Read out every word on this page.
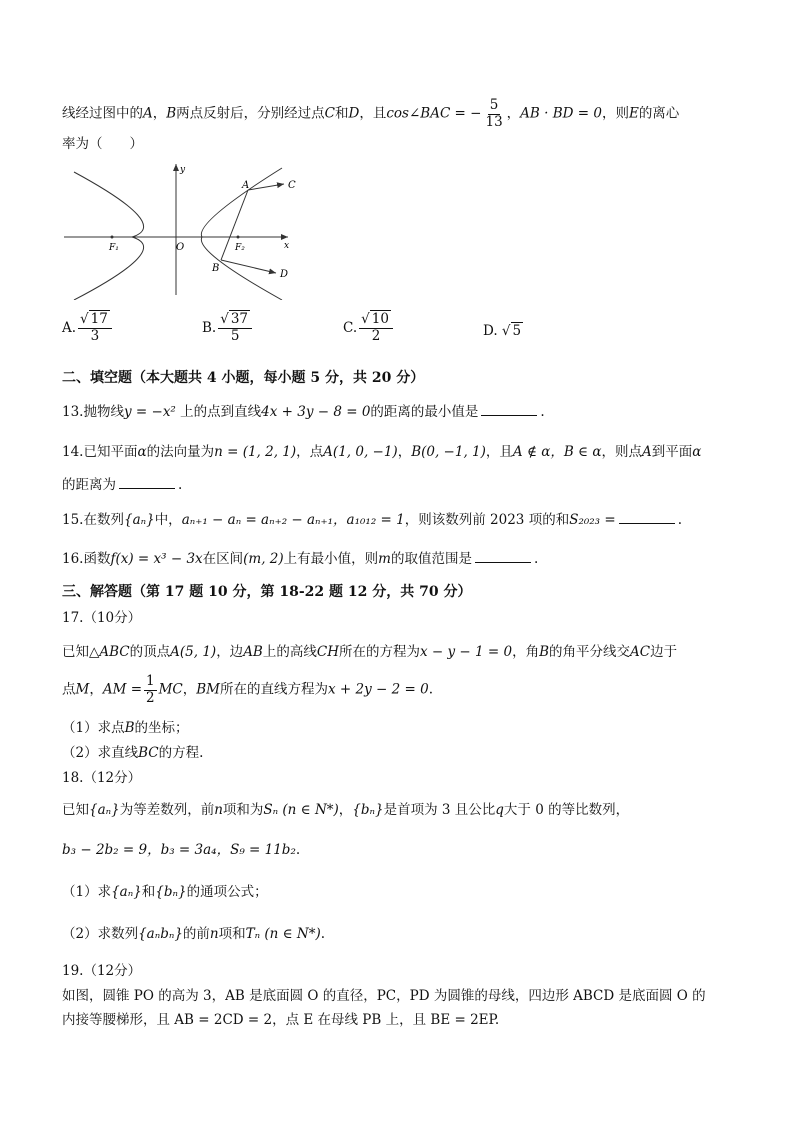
线经过图中的A，B两点反射后，分别经过点C和D，且cos∠BAC = − $\frac{5}{13}$ ，AB · BD = 0，则E的离心
率为（　　）
y
x
O
F₁	F₂
A
B
C
D
A. $\frac{√ 17}{3}$	B. $\frac{√ 37}{5}$	C. $\frac{√ 10}{2}$	D. √ 5
二、填空题（本大题共 4 小题，每小题 5 分，共 20 分）
13.抛物线y = −x² 上的点到直线4x + 3y − 8 = 0的距离的最小值是	.
14.已知平面α的法向量为n = (1, 2, 1)，点A(1, 0, −1)，B(0, −1, 1)，且A ∉ α，B ∈ α，则点A到平面α
的距离为	.
15.在数列{aₙ}中，aₙ₊₁ − aₙ = aₙ₊₂ − aₙ₊₁，a₁₀₁₂ = 1，则该数列前 2023 项的和S₂₀₂₃ =	.
16.函数f(x) = x³ − 3x在区间(m, 2)上有最小值，则m的取值范围是	.
三、解答题（第 17 题 10 分，第 18-22 题 12 分，共 70 分）
17.（10分）
已知△ABC的顶点A(5, 1)，边AB上的高线CH所在的方程为x − y − 1 = 0，角B的角平分线交AC边于
点M，AM = $\frac{1}{2}$ MC，BM所在的直线方程为x + 2y − 2 = 0.
（1）求点B的坐标；
（2）求直线BC的方程.
18.（12分）
已知{aₙ}为等差数列，前n项和为Sₙ (n ∈ N*)，{bₙ}是首项为 3 且公比q大于 0 的等比数列，
b₃ − 2b₂ = 9，b₃ = 3a₄，S₉ = 11b₂.
（1）求{aₙ}和{bₙ}的通项公式；
（2）求数列{aₙbₙ}的前n项和Tₙ (n ∈ N*).
19.（12分）
如图，圆锥 PO 的高为 3，AB 是底面圆 O 的直径，PC，PD 为圆锥的母线，四边形 ABCD 是底面圆 O 的
内接等腰梯形，且 AB = 2CD = 2，点 E 在母线 PB 上，且 BE = 2EP.
